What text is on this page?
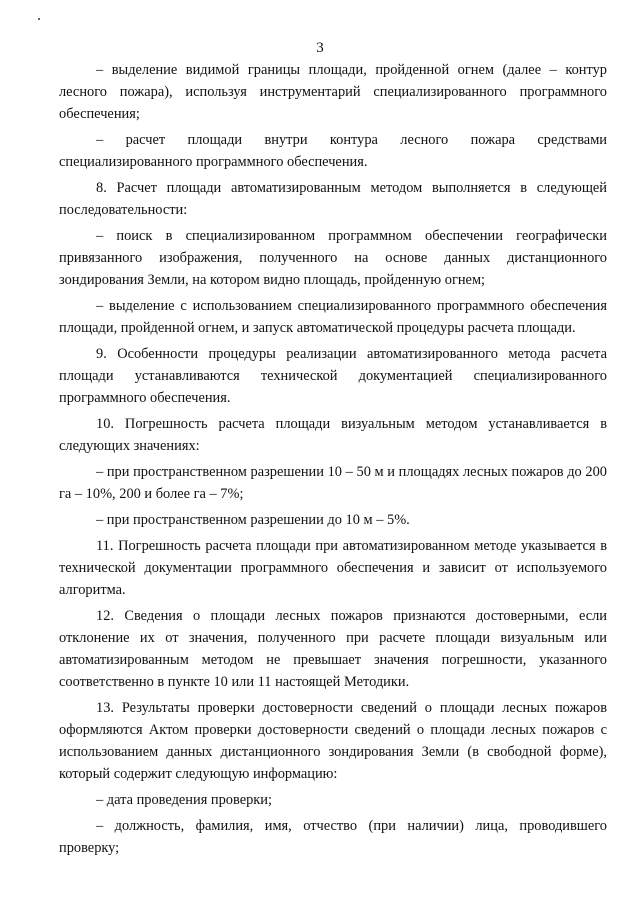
3

– выделение видимой границы площади, пройденной огнем (далее – контур лесного пожара), используя инструментарий специализированного программного обеспечения;

– расчет площади внутри контура лесного пожара средствами специализированного программного обеспечения.

8. Расчет площади автоматизированным методом выполняется в следующей последовательности:

– поиск в специализированном программном обеспечении географически привязанного изображения, полученного на основе данных дистанционного зондирования Земли, на котором видно площадь, пройденную огнем;

– выделение с использованием специализированного программного обеспечения площади, пройденной огнем, и запуск автоматической процедуры расчета площади.

9. Особенности процедуры реализации автоматизированного метода расчета площади устанавливаются технической документацией специализированного программного обеспечения.

10. Погрешность расчета площади визуальным методом устанавливается в следующих значениях:

– при пространственном разрешении 10 – 50 м и площадях лесных пожаров до 200 га – 10%, 200 и более га – 7%;

– при пространственном разрешении до 10 м – 5%.

11. Погрешность расчета площади при автоматизированном методе указывается в технической документации программного обеспечения и зависит от используемого алгоритма.

12. Сведения о площади лесных пожаров признаются достоверными, если отклонение их от значения, полученного при расчете площади визуальным или автоматизированным методом не превышает значения погрешности, указанного соответственно в пункте 10 или 11 настоящей Методики.

13. Результаты проверки достоверности сведений о площади лесных пожаров оформляются Актом проверки достоверности сведений о площади лесных пожаров с использованием данных дистанционного зондирования Земли (в свободной форме), который содержит следующую информацию:

– дата проведения проверки;

– должность, фамилия, имя, отчество (при наличии) лица, проводившего проверку;
